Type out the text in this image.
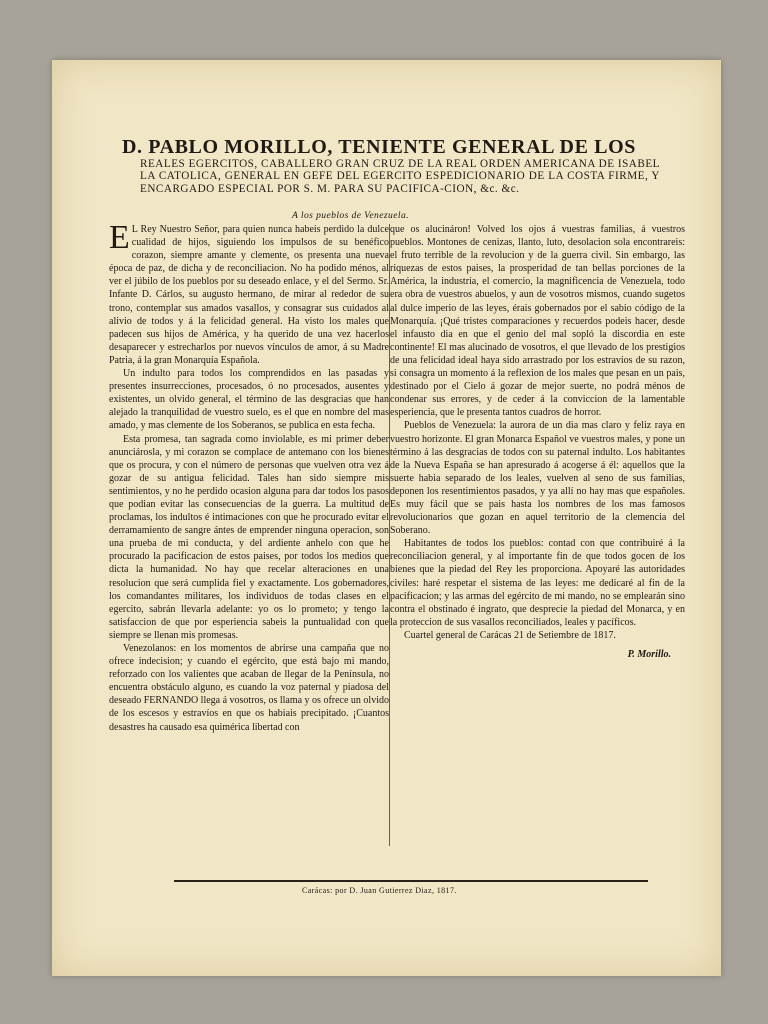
D. PABLO MORILLO, TENIENTE GENERAL DE LOS
REALES EGERCITOS, CABALLERO GRAN CRUZ DE LA REAL ORDEN AMERICANA DE ISABEL LA CATOLICA, GENERAL EN GEFE DEL EGERCITO ESPEDICIONARIO DE LA COSTA FIRME, Y ENCARGADO ESPECIAL POR S. M. PARA SU PACIFICA-CION, &c. &c.
A los pueblos de Venezuela.

E L Rey Nuestro Señor, para quien nunca habeis perdido la dulce cualidad de hijos, siguiendo los impulsos de su benéfico corazon, siempre amante y clemente, os presenta una nueva época de paz, de dicha y de reconciliacion. No ha podido ménos, al ver el júbilo de los pueblos por su deseado enlace, y el del Sermo. Sr. Infante D. Cárlos, su augusto hermano, de mirar al rededor de su trono, contemplar sus amados vasallos, y consagrar sus cuidados al alivio de todos y á la felicidad general. Ha visto los males que padecen sus hijos de América, y ha querido de una vez hacerlos desaparecer y estrecharlos por nuevos vínculos de amor, á su Madre Patria, á la gran Monarquía Española.

Un indulto para todos los comprendidos en las pasadas y presentes insurrecciones, procesados, ó no procesados, ausentes y existentes, un olvido general, el término de las desgracias que han alejado la tranquilidad de vuestro suelo, es el que en nombre del mas amado, y mas clemente de los Soberanos, se publica en esta fecha.

Esta promesa, tan sagrada como inviolable, es mi primer deber anunciárosla, y mi corazon se complace de antemano con los bienes que os procura, y con el número de personas que vuelven otra vez á gozar de su antigua felicidad. Tales han sido siempre mis sentimientos, y no he perdido ocasion alguna para dar todos los pasos que podian evitar las consecuencias de la guerra. La multitud de proclamas, los indultos é intimaciones con que he procurado evitar el derramamiento de sangre ántes de emprender ninguna operacion, son una prueba de mi conducta, y del ardiente anhelo con que he procurado la pacificacion de estos paises, por todos los medios que dicta la humanidad. No hay que recelar alteraciones en una resolucion que será cumplida fiel y exactamente. Los gobernadores, los comandantes militares, los individuos de todas clases en el egercito, sabrán llevarla adelante: yo os lo prometo; y tengo la satisfaccion de que por esperiencia sabeis la puntualidad con que siempre se llenan mis promesas.

Venezolanos: en los momentos de abrirse una campaña que no ofrece indecision; y cuando el egército, que está bajo mi mando, reforzado con los valientes que acaban de llegar de la Península, no encuentra obstáculo alguno, es cuando la voz paternal y piadosa del deseado FERNANDO llega á vosotros, os llama y os ofrece un olvido de los escesos y estravíos en que os habiais precipitado. ¡Cuantos desastres ha causado esa quimérica libertad con

que os alucináron! Volved los ojos á vuestras familias, á vuestros pueblos. Montones de cenizas, llanto, luto, desolacion sola encontrareis: el fruto terrible de la revolucion y de la guerra civil. Sin embargo, las riquezas de estos paises, la prosperidad de tan bellas porciones de la América, la industria, el comercio, la magnificencia de Venezuela, todo era obra de vuestros abuelos, y aun de vosotros mismos, cuando sugetos al dulce imperio de las leyes, érais gobernados por el sabio código de la Monarquía. ¡Qué tristes comparaciones y recuerdos podeis hacer, desde el infausto dia en que el genio del mal sopló la discordia en este continente! El mas alucinado de vosotros, el que llevado de los prestigios de una felicidad ideal haya sido arrastrado por los estravíos de su razon, si consagra un momento á la reflexion de los males que pesan en un pais, destinado por el Cielo á gozar de mejor suerte, no podrá ménos de condenar sus errores, y de ceder á la conviccion de la lamentable esperiencia, que le presenta tantos cuadros de horror.

Pueblos de Venezuela: la aurora de un dia mas claro y feliz raya en vuestro horizonte. El gran Monarca Español ve vuestros males, y pone un término á las desgracias de todos con su paternal indulto. Los habitantes de la Nueva España se han apresurado á acogerse á él: aquellos que la suerte habia separado de los leales, vuelven al seno de sus familias, deponen los resentimientos pasados, y ya allí no hay mas que españoles. Es muy fácil que se pais hasta los nombres de los mas famosos revolucionarios que gozan en aquel territorio de la clemencia del Soberano.

Habitantes de todos los pueblos: contad con que contribuiré á la reconciliacion general, y al importante fin de que todos gocen de los bienes que la piedad del Rey les proporciona. Apoyaré las autoridades civiles: haré respetar el sistema de las leyes: me dedicaré al fin de la pacificacion; y las armas del egército de mi mando, no se emplearán sino contra el obstinado é ingrato, que desprecie la piedad del Monarca, y en la proteccion de sus vasallos reconciliados, leales y pacíficos.

Cuartel general de Carácas 21 de Setiembre de 1817.

P. Morillo.
Carácas: por D. Juan Gutierrez Diaz, 1817.
